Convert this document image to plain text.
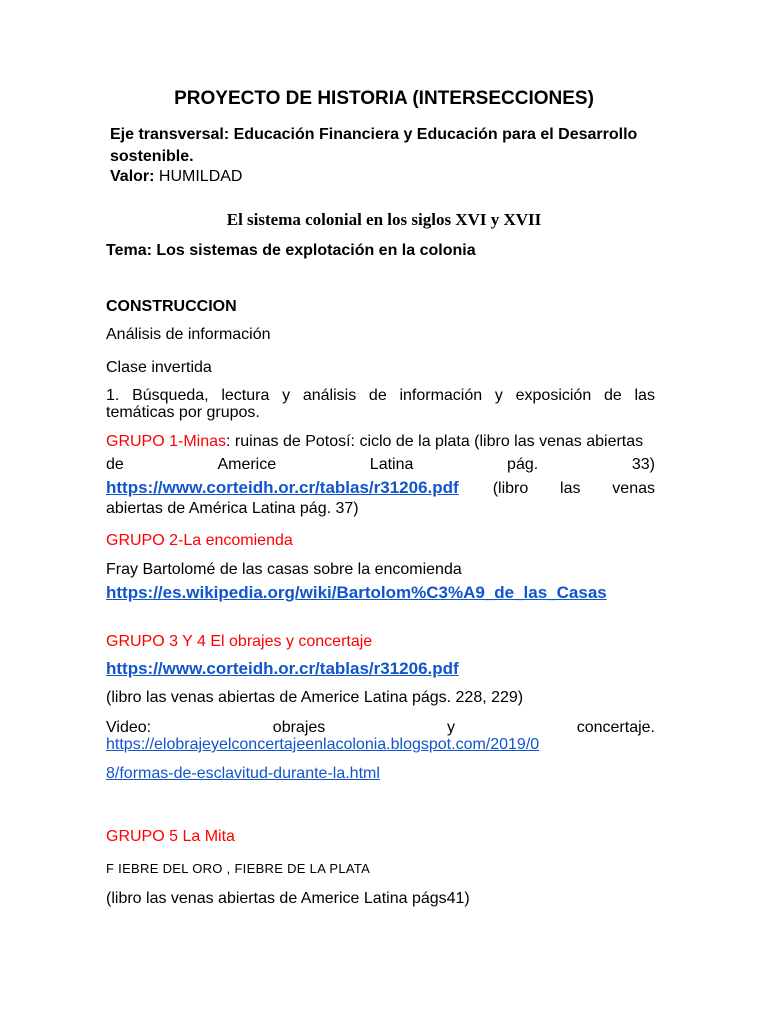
PROYECTO DE HISTORIA (INTERSECCIONES)
Eje transversal: Educación Financiera y Educación para el Desarrollo
sostenible.
Valor: HUMILDAD
El sistema colonial en los siglos XVI y XVII
Tema: Los sistemas de explotación en la colonia
CONSTRUCCION
Análisis de información
Clase invertida
1. Búsqueda, lectura y análisis de información y exposición de las
temáticas por grupos.
GRUPO 1-Minas: ruinas de Potosí: ciclo de la plata (libro las venas abiertas
de	Americe	Latina	pág.	33)
https://www.corteidh.or.cr/tablas/r31206.pdf	(libro las venas
abiertas de América Latina pág. 37)
GRUPO 2-La encomienda
Fray Bartolomé de las casas sobre la encomienda
https://es.wikipedia.org/wiki/Bartolom%C3%A9_de_las_Casas
GRUPO 3 Y 4 El obrajes y concertaje
https://www.corteidh.or.cr/tablas/r31206.pdf
(libro las venas abiertas de Americe Latina págs. 228, 229)
Video:	obrajes	y	concertaje.
https://elobrajeyelconcertajeenlacolonia.blogspot.com/2019/0
8/formas-de-esclavitud-durante-la.html
GRUPO 5 La Mita
F IEBRE DEL ORO , FIEBRE DE LA PLATA
(libro las venas abiertas de Americe Latina págs41)
